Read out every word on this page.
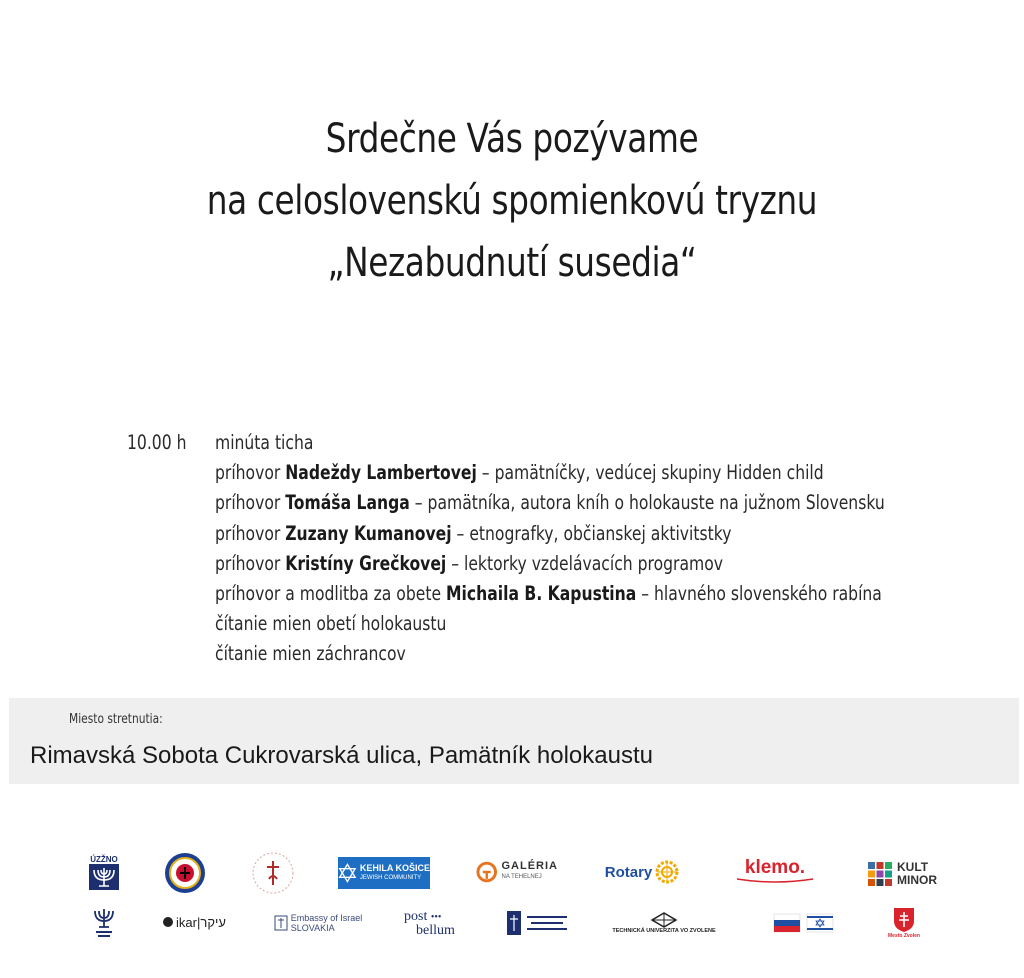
Srdečne Vás pozývame
na celoslovenskú spomienkovú tryznu
„Nezabudnutí susedia“
10.00 h minúta ticha
príhovor Nadeždy Lambertovej – pamätníčky, vedúcej skupiny Hidden child
príhovor Tomáša Langa – pamätníka, autora kníh o holokauste na južnom Slovensku
príhovor Zuzany Kumanovej – etnografky, občianskej aktivitstky
príhovor Kristíny Grečkovej – lektorky vzdelávacích programov
príhovor a modlitba za obete Michaila B. Kapustina – hlavného slovenského rabína
čítanie mien obetí holokaustu
čítanie mien záchrancov
Miesto stretnutia:
Rimavská Sobota Cukrovarská ulica, Pamätník holokaustu
ÚZŽNO
KEHILA KOŠICE
JEWISH COMMUNITY
GALÉRIA
NA TEHELNEJ	Rotary	klemo.	KULT
MINOR
ikar|עיקר	Embassy of Israel
SLOVAKIA
post •••
bellum	TECHNICKÁ UNIVERZITA VO ZVOLENE
Mesto Zvolen
